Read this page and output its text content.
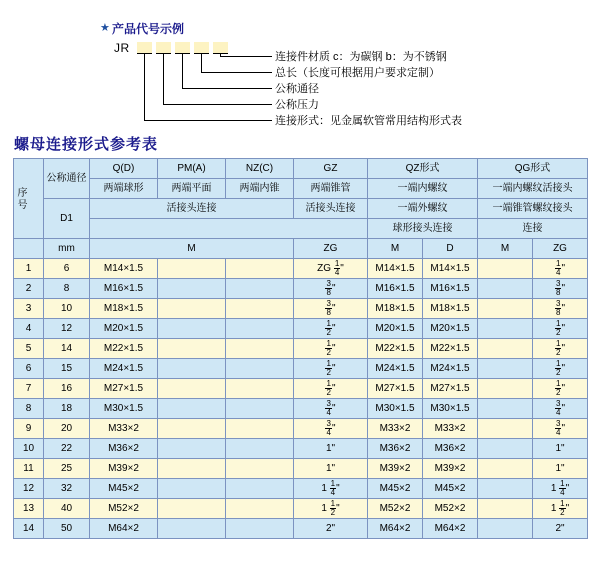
★ 产品代号示例
JR
连接件材质 c：为碳钢 b：为不锈钢
总长（长度可根据用户要求定制）
公称通径
公称压力
连接形式：见金属软管常用结构形式表
螺母连接形式参考表
序号	公称通径	Q(D)	PM(A)	NZ(C)	GZ	QZ形式		QG形式	
		两端球形	两端平面	两端内锥	两端锥管	一端内螺纹		一端内螺纹活接头	
	D1	活接头连接			活接头连接	一端外螺纹		一端锥管螺纹接头	
						球形接头连接		连接	
	mm	M			ZG	M	D	M	ZG
1	6	M14×1.5			ZG $\frac{1}{4}$ "	M14×1.5	M14×1.5		$\frac{1}{4}$ "
2	8	M16×1.5			$\frac{3}{8}$ "	M16×1.5	M16×1.5		$\frac{3}{8}$ "
3	10	M18×1.5			$\frac{3}{8}$ "	M18×1.5	M18×1.5		$\frac{3}{8}$ "
4	12	M20×1.5			$\frac{1}{2}$ "	M20×1.5	M20×1.5		$\frac{1}{2}$ "
5	14	M22×1.5			$\frac{1}{2}$ "	M22×1.5	M22×1.5		$\frac{1}{2}$ "
6	15	M24×1.5			$\frac{1}{2}$ "	M24×1.5	M24×1.5		$\frac{1}{2}$ "
7	16	M27×1.5			$\frac{1}{2}$ "	M27×1.5	M27×1.5		$\frac{1}{2}$ "
8	18	M30×1.5			$\frac{3}{4}$ "	M30×1.5	M30×1.5		$\frac{3}{4}$ "
9	20	M33×2			$\frac{3}{4}$ "	M33×2	M33×2		$\frac{3}{4}$ "
10	22	M36×2			1"	M36×2	M36×2		1"
11	25	M39×2			1"	M39×2	M39×2		1"
12	32	M45×2			$1 \frac{1}{4}$ "	M45×2	M45×2		$1 \frac{1}{4}$ "
13	40	M52×2			$1 \frac{1}{2}$ "	M52×2	M52×2		$1 \frac{1}{2}$ "
14	50	M64×2			2"	M64×2	M64×2		2"
